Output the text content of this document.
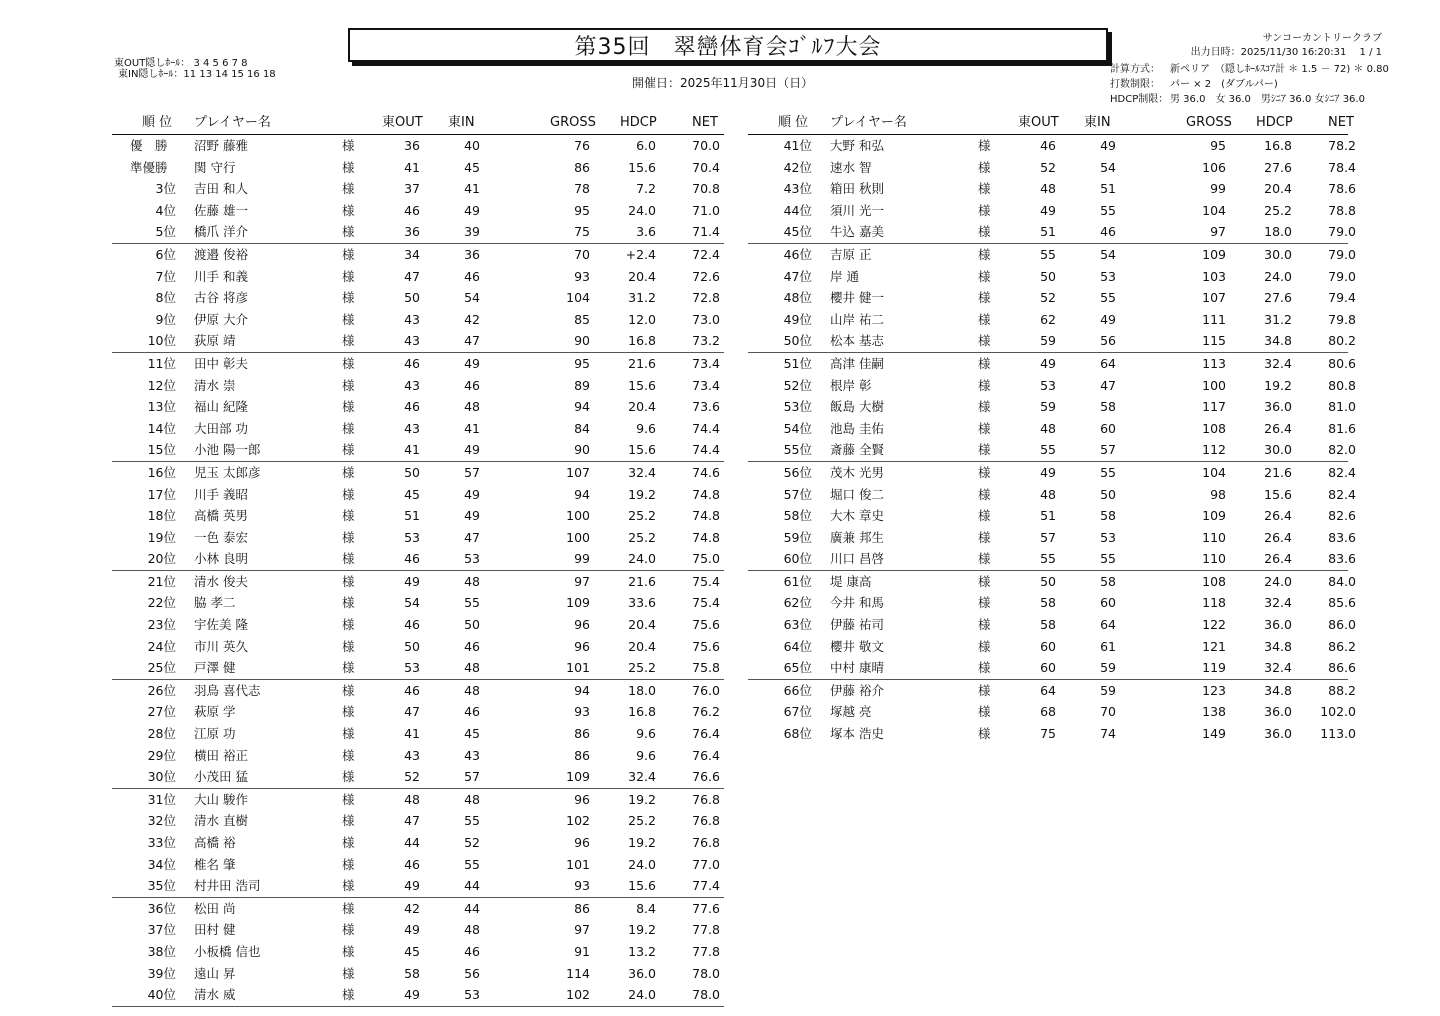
第35回　翠巒体育会ｺﾞﾙﾌ大会
東OUT隠しﾎｰﾙ： 3 4 5 6 7 8
東IN隠しﾎｰﾙ：11 13 14 15 16 18
開催日：2025年11月30日（日）
サンコーカントリークラブ
出力日時：2025/11/30 16:20:31　 1 / 1
計算方式：	新ペリア　（隠しﾎｰﾙｽｺｱ計 ＊ 1.5 － 72) ＊ 0.80
打数制限：	パー × 2　(ダブルパー)
HDCP制限： 男 36.0　女 36.0　男ｼﾆｱ 36.0 女ｼﾆｱ 36.0
順 位 プレイヤー名	東OUT 東IN	GROSS HDCP	NET
優　勝	沼野 藤雅	様	36	40	76	6.0	70.0
準優勝	関 守行	様	41	45	86	15.6	70.4
3位 吉田 和人	様	37	41	78	7.2	70.8
4位 佐藤 雄一	様	46	49	95	24.0	71.0
5位 橋爪 洋介	様	36	39	75	3.6	71.4
6位 渡邉 俊裕	様	34	36	70	+2.4	72.4
7位 川手 和義	様	47	46	93	20.4	72.6
8位 古谷 将彦	様	50	54	104	31.2	72.8
9位 伊原 大介	様	43	42	85	12.0	73.0
10位 荻原 靖	様	43	47	90	16.8	73.2
11位 田中 彰夫	様	46	49	95	21.6	73.4
12位 清水 崇	様	43	46	89	15.6	73.4
13位 福山 紀隆	様	46	48	94	20.4	73.6
14位 大田部 功	様	43	41	84	9.6	74.4
15位 小池 陽一郎	様	41	49	90	15.6	74.4
16位 児玉 太郎彦	様	50	57	107	32.4	74.6
17位 川手 義昭	様	45	49	94	19.2	74.8
18位 高橋 英男	様	51	49	100	25.2	74.8
19位 一色 泰宏	様	53	47	100	25.2	74.8
20位 小林 良明	様	46	53	99	24.0	75.0
21位 清水 俊夫	様	49	48	97	21.6	75.4
22位 脇 孝二	様	54	55	109	33.6	75.4
23位 宇佐美 隆	様	46	50	96	20.4	75.6
24位 市川 英久	様	50	46	96	20.4	75.6
25位 戸澤 健	様	53	48	101	25.2	75.8
26位 羽鳥 喜代志	様	46	48	94	18.0	76.0
27位 萩原 学	様	47	46	93	16.8	76.2
28位 江原 功	様	41	45	86	9.6	76.4
29位 横田 裕正	様	43	43	86	9.6	76.4
30位 小茂田 猛	様	52	57	109	32.4	76.6
31位 大山 駿作	様	48	48	96	19.2	76.8
32位 清水 直樹	様	47	55	102	25.2	76.8
33位 高橋 裕	様	44	52	96	19.2	76.8
34位 椎名 肇	様	46	55	101	24.0	77.0
35位 村井田 浩司	様	49	44	93	15.6	77.4
36位 松田 尚	様	42	44	86	8.4	77.6
37位 田村 健	様	49	48	97	19.2	77.8
38位 小板橋 信也	様	45	46	91	13.2	77.8
39位 遠山 昇	様	58	56	114	36.0	78.0
40位 清水 威	様	49	53	102	24.0	78.0
順 位 プレイヤー名	東OUT 東IN	GROSS HDCP	NET
41位 大野 和弘	様	46	49	95	16.8	78.2
42位 速水 智	様	52	54	106	27.6	78.4
43位 箱田 秋則	様	48	51	99	20.4	78.6
44位 須川 光一	様	49	55	104	25.2	78.8
45位 牛込 嘉美	様	51	46	97	18.0	79.0
46位 吉原 正	様	55	54	109	30.0	79.0
47位 岸 通	様	50	53	103	24.0	79.0
48位 櫻井 健一	様	52	55	107	27.6	79.4
49位 山岸 祐二	様	62	49	111	31.2	79.8
50位 松本 基志	様	59	56	115	34.8	80.2
51位 高津 佳嗣	様	49	64	113	32.4	80.6
52位 根岸 彰	様	53	47	100	19.2	80.8
53位 飯島 大樹	様	59	58	117	36.0	81.0
54位 池島 圭佑	様	48	60	108	26.4	81.6
55位 斎藤 全賢	様	55	57	112	30.0	82.0
56位 茂木 光男	様	49	55	104	21.6	82.4
57位 堀口 俊二	様	48	50	98	15.6	82.4
58位 大木 章史	様	51	58	109	26.4	82.6
59位 廣兼 邦生	様	57	53	110	26.4	83.6
60位 川口 昌啓	様	55	55	110	26.4	83.6
61位 堤 康高	様	50	58	108	24.0	84.0
62位 今井 和馬	様	58	60	118	32.4	85.6
63位 伊藤 祐司	様	58	64	122	36.0	86.0
64位 櫻井 敬文	様	60	61	121	34.8	86.2
65位 中村 康晴	様	60	59	119	32.4	86.6
66位 伊藤 裕介	様	64	59	123	34.8	88.2
67位 塚越 亮	様	68	70	138	36.0	102.0
68位 塚本 浩史	様	75	74	149	36.0	113.0
